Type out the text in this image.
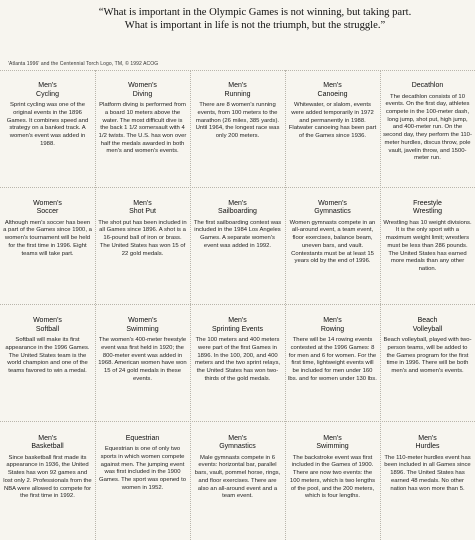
“What is important in the Olympic Games is not winning, but taking part.
What is important in life is not the triumph, but the struggle.”
'Atlanta 1996' and the Centennial Torch Logo, TM, © 1992 ACOG
Men's
Cycling
Sprint cycling was one of the original events in the 1896 Games. It combines speed and strategy on a banked track. A women's event was added in 1988.
Women's
Diving
Platform diving is performed from a board 10 meters above the water. The most difficult dive is the back 1 1/2 somersault with 4 1/2 twists. The U.S. has won over half the medals awarded in both men's and women's events.
Men's
Running
There are 8 women's running events, from 100 meters to the marathon (26 miles, 385 yards). Until 1964, the longest race was only 200 meters.
Men's
Canoeing
Whitewater, or slalom, events were added temporarily in 1972 and permanently in 1988. Flatwater canoeing has been part of the Games since 1936.
Decathlon
The decathlon consists of 10 events. On the first day, athletes compete in the 100-meter dash, long jump, shot put, high jump, and 400-meter run. On the second day, they perform the 110-meter hurdles, discus throw, pole vault, javelin throw, and 1500-meter run.
Women's
Soccer
Although men's soccer has been a part of the Games since 1900, a women's tournament will be held for the first time in 1996. Eight teams will take part.
Men's
Shot Put
The shot put has been included in all Games since 1896. A shot is a 16-pound ball of iron or brass. The United States has won 15 of 22 gold medals.
Men's
Sailboarding
The first sailboarding contest was included in the 1984 Los Angeles Games. A separate women's event was added in 1992.
Women's
Gymnastics
Women gymnasts compete in an all-around event, a team event, floor exercises, balance beam, uneven bars, and vault. Contestants must be at least 15 years old by the end of 1996.
Freestyle
Wrestling
Wrestling has 10 weight divisions. It is the only sport with a maximum weight limit; wrestlers must be less than 286 pounds. The United States has earned more medals than any other nation.
Women's
Softball
Softball will make its first appearance in the 1996 Games. The United States team is the world champion and one of the teams favored to win a medal.
Women's
Swimming
The women's 400-meter freestyle event was first held in 1920; the 800-meter event was added in 1968. American women have won 15 of 24 gold medals in these events.
Men's
Sprinting Events
The 100 meters and 400 meters were part of the first Games in 1896. In the 100, 200, and 400 meters and the two sprint relays, the United States has won two-thirds of the gold medals.
Men's
Rowing
There will be 14 rowing events contested at the 1996 Games: 8 for men and 6 for women. For the first time, lightweight events will be included for men under 160 lbs. and for women under 130 lbs.
Beach
Volleyball
Beach volleyball, played with two-person teams, will be added to the Games program for the first time in 1996. There will be both men's and women's events.
Men's
Basketball
Since basketball first made its appearance in 1936, the United States has won 92 games and lost only 2. Professionals from the NBA were allowed to compete for the first time in 1992.
Equestrian
Equestrian is one of only two sports in which women compete against men. The jumping event was first included in the 1900 Games. The sport was opened to women in 1952.
Men's
Gymnastics
Male gymnasts compete in 6 events: horizontal bar, parallel bars, vault, pommel horse, rings, and floor exercises. There are also an all-around event and a team event.
Men's
Swimming
The backstroke event was first included in the Games of 1900. There are now two events: the 100 meters, which is two lengths of the pool, and the 200 meters, which is four lengths.
Men's
Hurdles
The 110-meter hurdles event has been included in all Games since 1896. The United States has earned 48 medals. No other nation has won more than 5.
